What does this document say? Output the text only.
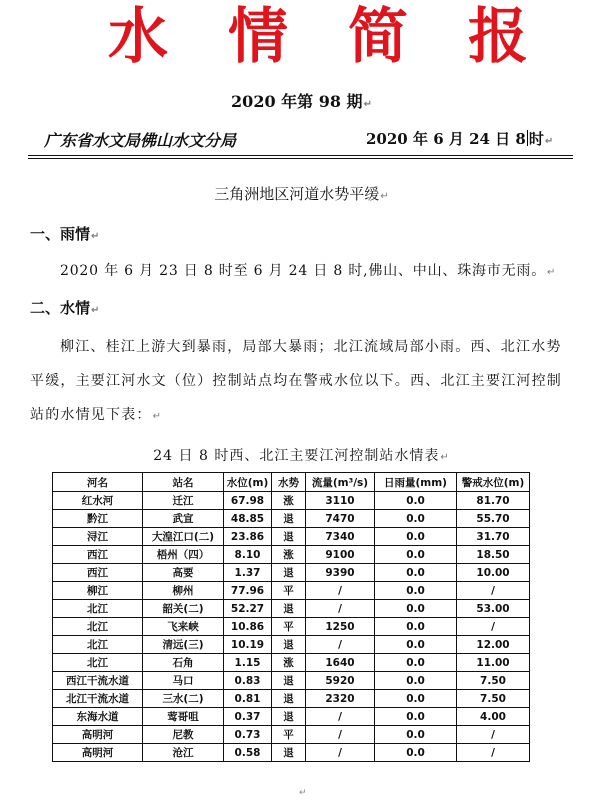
水 情 简 报
2020 年第 98 期↵
广东省水文局佛山水文分局	2020 年 6 月 24 日 8 时↵
三角洲地区河道水势平缓↵
一、雨情↵
2020 年 6 月 23 日 8 时至 6 月 24 日 8 时,佛山、中山、珠海市无雨。↵
二、水情↵
柳江、桂江上游大到暴雨，局部大暴雨；北江流域局部小雨。西、北江水势平缓，主要江河水文（位）控制站点均在警戒水位以下。西、北江主要江河控制站的水情见下表：↵
24 日 8 时西、北江主要江河控制站水情表↵
河名	站名	水位(m)	水势	流量(m³/s)	日雨量(mm)	警戒水位(m)
红水河	迁江	67.98	涨	3110	0.0	81.70
黔江	武宣	48.85	退	7470	0.0	55.70
浔江	大湟江口(二)	23.86	退	7340	0.0	31.70
西江	梧州（四）	8.10	涨	9100	0.0	18.50
西江	高要	1.37	退	9390	0.0	10.00
柳江	柳州	77.96	平	/	0.0	/
北江	韶关(二)	52.27	退	/	0.0	53.00
北江	飞来峡	10.86	平	1250	0.0	/
北江	清远(三)	10.19	退	/	0.0	12.00
北江	石角	1.15	涨	1640	0.0	11.00
西江干流水道	马口	0.83	退	5920	0.0	7.50
北江干流水道	三水(二)	0.81	退	2320	0.0	7.50
东海水道	莺哥咀	0.37	退	/	0.0	4.00
高明河	尼教	0.73	平	/	0.0	/
高明河	沧江	0.58	退	/	0.0	/
↵
